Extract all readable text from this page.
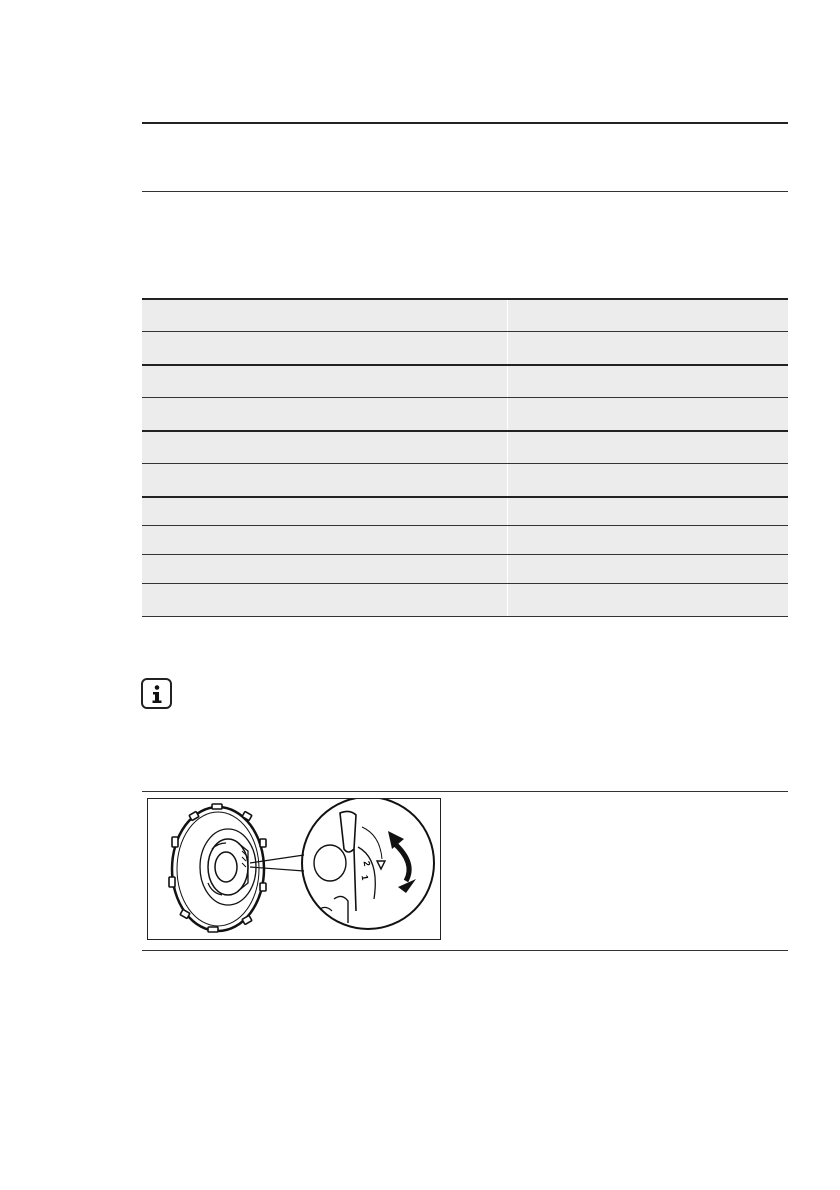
2
1
